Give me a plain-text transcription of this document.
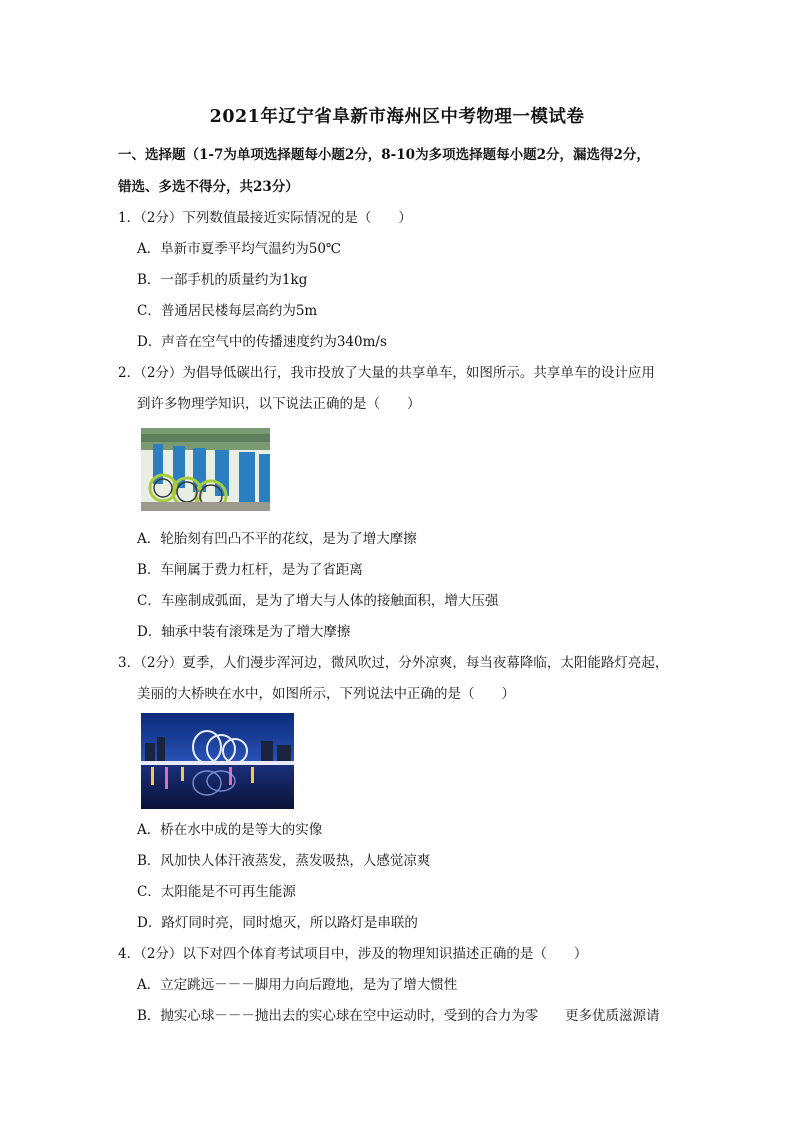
2021年辽宁省阜新市海州区中考物理一模试卷
一、选择题（1-7为单项选择题每小题2分，8-10为多项选择题每小题2分，漏选得2分，
错选、多选不得分，共23分）
1．（2分）下列数值最接近实际情况的是（　　）
A．阜新市夏季平均气温约为50℃
B．一部手机的质量约为1kg
C．普通居民楼每层高约为5m
D．声音在空气中的传播速度约为340m/s
2．（2分）为倡导低碳出行，我市投放了大量的共享单车，如图所示。共享单车的设计应用
到许多物理学知识，以下说法正确的是（　　）
A．轮胎刻有凹凸不平的花纹，是为了增大摩擦
B．车闸属于费力杠杆，是为了省距离
C．车座制成弧面，是为了增大与人体的接触面积，增大压强
D．轴承中装有滚珠是为了增大摩擦
3．（2分）夏季，人们漫步浑河边，微风吹过，分外凉爽，每当夜幕降临，太阳能路灯亮起，
美丽的大桥映在水中，如图所示，下列说法中正确的是（　　）
A．桥在水中成的是等大的实像
B．风加快人体汗液蒸发，蒸发吸热，人感觉凉爽
C．太阳能是不可再生能源
D．路灯同时亮，同时熄灭，所以路灯是串联的
4．（2分）以下对四个体育考试项目中，涉及的物理知识描述正确的是（　　）
A．立定跳远－－－脚用力向后蹬地，是为了增大惯性
B．抛实心球－－－抛出去的实心球在空中运动时，受到的合力为零 更多优质滋源请
